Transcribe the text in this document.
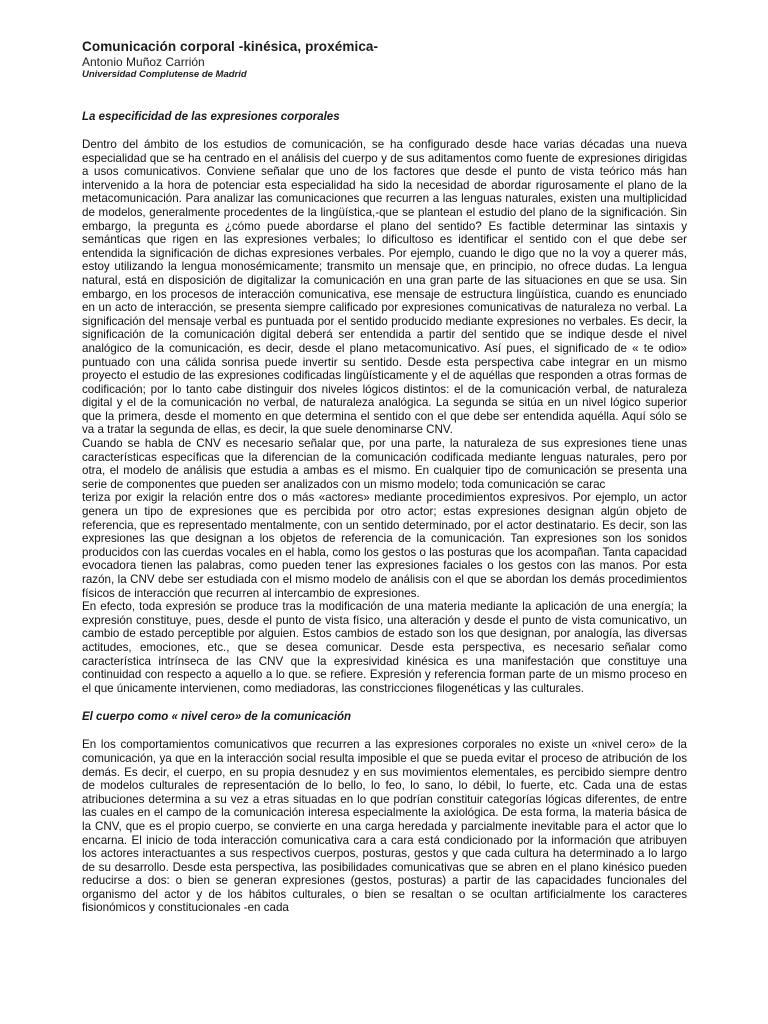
Comunicación corporal -kinésica, proxémica-

Antonio Muñoz Carrión

Universidad Complutense de Madrid

La especificidad de las expresiones corporales

Dentro del ámbito de los estudios de comunicación, se ha configurado desde hace varias décadas una nueva especialidad que se ha centrado en el análisis del cuerpo y de sus aditamentos como fuente de expresiones dirigidas a usos comunicativos. Conviene señalar que uno de los factores que desde el punto de vista teórico más han intervenido a la hora de potenciar esta especialidad ha sido la necesidad de abordar rigurosamente el plano de la metacomunicación. Para analizar las comunicaciones que recurren a las lenguas naturales, existen una multiplicidad de modelos, generalmente procedentes de la lingüística,-que se plantean el estudio del plano de la significación. Sin embargo, la pregunta es ¿cómo puede abordarse el plano del sentido? Es factible determinar las sintaxis y semánticas que rigen en las expresiones verbales; lo dificultoso es identificar el sentido con el que debe ser entendida la significación de dichas expresiones verbales. Por ejemplo, cuando le digo que no la voy a querer más, estoy utilizando la lengua monosémicamente; transmito un mensaje que, en principio, no ofrece dudas. La lengua natural, está en disposición de digitalizar la comunicación en una gran parte de las situaciones en que se usa. Sin embargo, en los procesos de interacción comunicativa, ese mensaje de estructura lingüística, cuando es enunciado en un acto de interacción, se presenta siempre calificado por expresiones comunicativas de naturaleza no verbal. La significación del mensaje verbal es puntuada por el sentido producido mediante expresiones no verbales. Es decir, la significación de la comunicación digital deberá ser entendida a partir del sentido que se indique desde el nivel analógico de la comunicación, es decir, desde el plano metacomunicativo. Así pues, el significado de « te odio» puntuado con una cálida sonrisa puede invertir su sentido. Desde esta perspectiva cabe integrar en un mismo proyecto el estudio de las expresiones codificadas lingüísticamente y el de aquéllas que responden a otras formas de codificación; por lo tanto cabe distinguir dos niveles lógicos distintos: el de la comunicación verbal, de naturaleza digital y el de la comunicación no verbal, de naturaleza analógica. La segunda se sitúa en un nivel lógico superior que la primera, desde el momento en que determina el sentido con el que debe ser entendida aquélla. Aquí sólo se va a tratar la segunda de ellas, es decir, la que suele denominarse CNV.

Cuando se habla de CNV es necesario señalar que, por una parte, la naturaleza de sus expresiones tiene unas características específicas que la diferencian de la comunicación codificada mediante lenguas naturales, pero por otra, el modelo de análisis que estudia a ambas es el mismo. En cualquier tipo de comunicación se presenta una serie de componentes que pueden ser analizados con un mismo modelo; toda comunicación se carac

teriza por exigir la relación entre dos o más «actores» mediante procedimientos expresivos. Por ejemplo, un actor genera un tipo de expresiones que es percibida por otro actor; estas expresiones designan algún objeto de referencia, que es representado mentalmente, con un sentido determinado, por el actor destinatario. Es decir, son las expresiones las que designan a los objetos de referencia de la comunicación. Tan expresiones son los sonidos producidos con las cuerdas vocales en el habla, como los gestos o las posturas que los acompañan. Tanta capacidad evocadora tienen las palabras, como pueden tener las expresiones faciales o los gestos con las manos. Por esta razón, la CNV debe ser estudiada con el mismo modelo de análisis con el que se abordan los demás procedimientos físicos de interacción que recurren al intercambio de expresiones.

En efecto, toda expresión se produce tras la modificación de una materia mediante la aplicación de una energía; la expresión constituye, pues, desde el punto de vista físico, una alteración y desde el punto de vista comunicativo, un cambio de estado perceptible por alguien. Estos cambios de estado son los que designan, por analogía, las diversas actitudes, emociones, etc., que se desea comunicar. Desde esta perspectiva, es necesario señalar como característica intrínseca de las CNV que la expresividad kinésica es una manifestación que constituye una continuidad con respecto a aquello a lo que. se refiere. Expresión y referencia forman parte de un mismo proceso en el que únicamente intervienen, como mediadoras, las constricciones filogenéticas y las culturales.

El cuerpo como « nivel cero» de la comunicación

En los comportamientos comunicativos que recurren a las expresiones corporales no existe un «nivel cero» de la comunicación, ya que en la interacción social resulta imposible el que se pueda evitar el proceso de atribución de los demás. Es decir, el cuerpo, en su propia desnudez y en sus movimientos elementales, es percibido siempre dentro de modelos culturales de representación de lo bello, lo feo, lo sano, lo débil, lo fuerte, etc. Cada una de estas atribuciones determina a su vez a etras situadas en lo que podrían constituir categorías lógicas diferentes, de entre las cuales en el campo de la comunicación interesa especialmente la axiológica. De esta forma, la materia básica de la CNV, que es el propio cuerpo, se convierte en una carga heredada y parcialmente inevitable para el actor que lo encarna. El inicio de toda interacción comunicativa cara a cara está condicionado por la información que atribuyen los actores interactuantes a sus respectivos cuerpos, posturas, gestos y que cada cultura ha determinado a lo largo de su desarrollo. Desde esta perspectiva, las posibilidades comunicativas que se abren en el plano kinésico pueden reducirse a dos: o bien se generan expresiones (gestos, posturas) a partir de las capacidades funcionales del organismo del actor y de los hábitos culturales, o bien se resaltan o se ocultan artificialmente los caracteres fisionómicos y constitucionales -en cada
